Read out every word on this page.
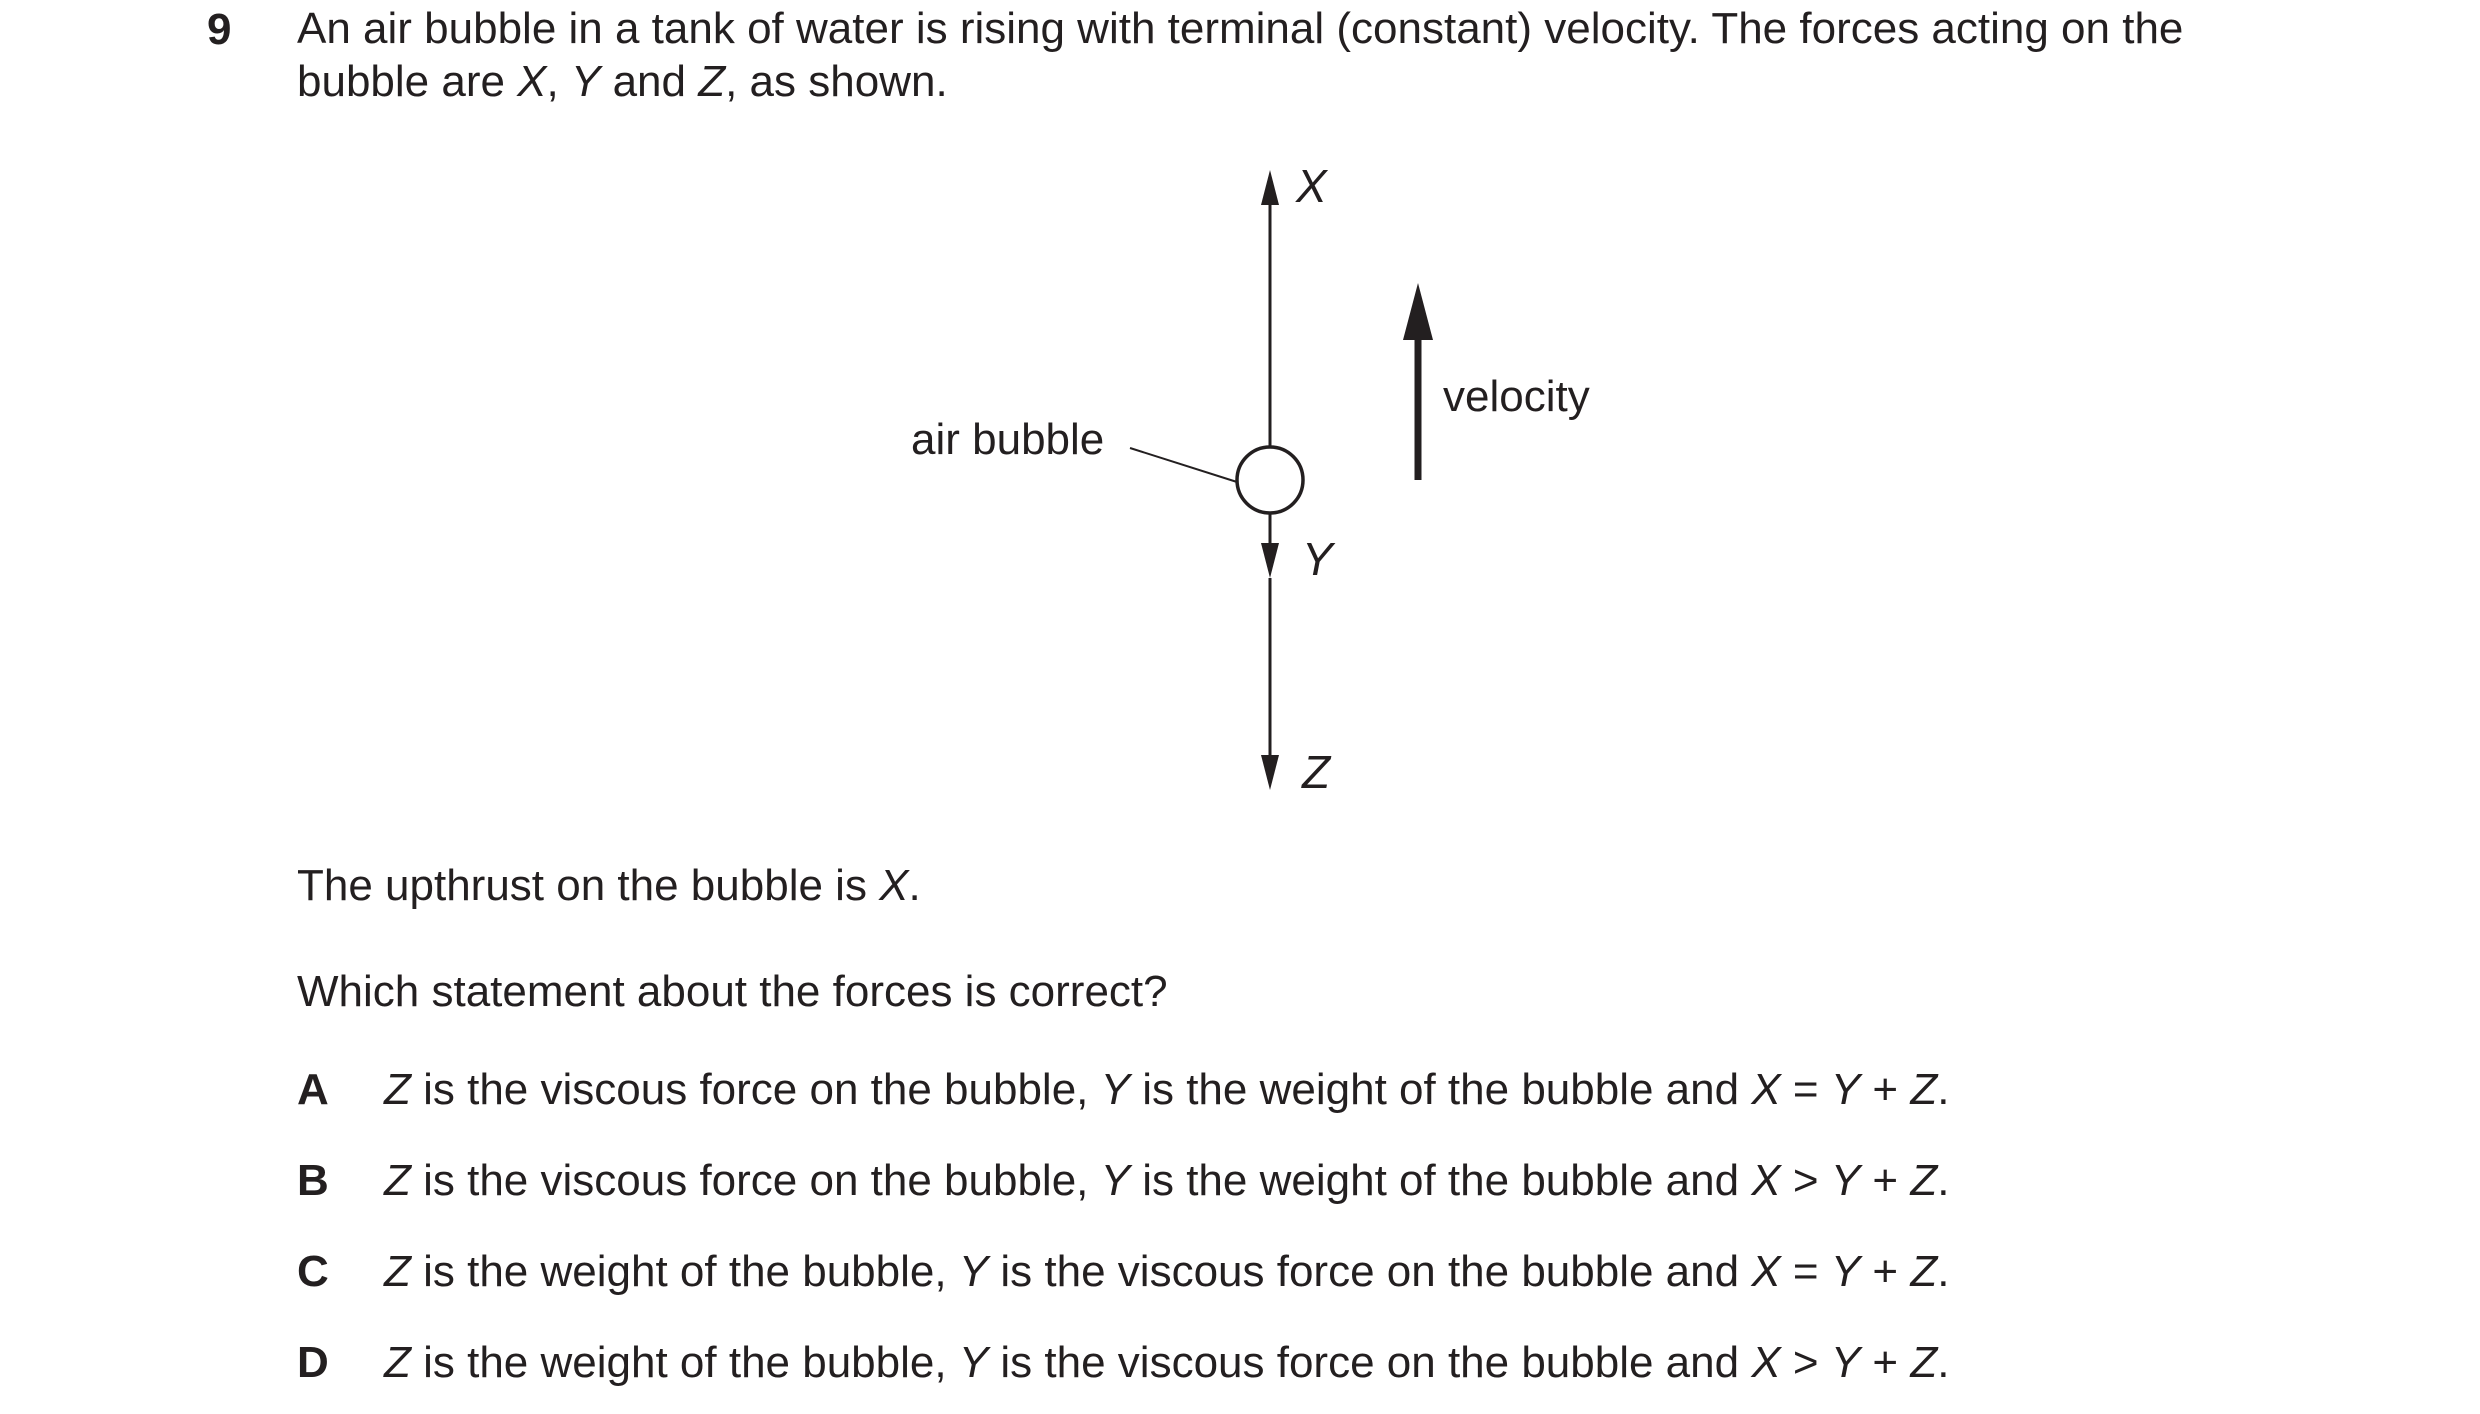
9 An air bubble in a tank of water is rising with terminal (constant) velocity. The forces acting on the

bubble are X, Y and Z, as shown.

X
air bubble
Y
Z
velocity

The upthrust on the bubble is X.

Which statement about the forces is correct?

A Z is the viscous force on the bubble, Y is the weight of the bubble and X = Y + Z.
B Z is the viscous force on the bubble, Y is the weight of the bubble and X > Y + Z.
C Z is the weight of the bubble, Y is the viscous force on the bubble and X = Y + Z.
D Z is the weight of the bubble, Y is the viscous force on the bubble and X > Y + Z.
